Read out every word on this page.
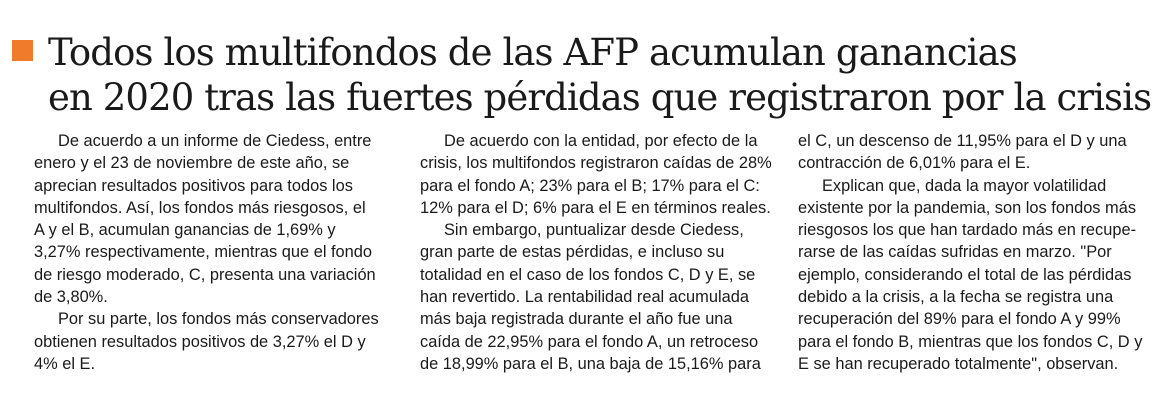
Todos los multifondos de las AFP acumulan ganancias
en 2020 tras las fuertes pérdidas que registraron por la crisis

De acuerdo a un informe de Ciedess, entre
enero y el 23 de noviembre de este año, se
aprecian resultados positivos para todos los
multifondos. Así, los fondos más riesgosos, el
A y el B, acumulan ganancias de 1,69% y
3,27% respectivamente, mientras que el fondo
de riesgo moderado, C, presenta una variación
de 3,80%.

Por su parte, los fondos más conservadores
obtienen resultados positivos de 3,27% el D y
4% el E.

De acuerdo con la entidad, por efecto de la
crisis, los multifondos registraron caídas de 28%
para el fondo A; 23% para el B; 17% para el C:
12% para el D; 6% para el E en términos reales.

Sin embargo, puntualizar desde Ciedess,
gran parte de estas pérdidas, e incluso su
totalidad en el caso de los fondos C, D y E, se
han revertido. La rentabilidad real acumulada
más baja registrada durante el año fue una
caída de 22,95% para el fondo A, un retroceso
de 18,99% para el B, una baja de 15,16% para

el C, un descenso de 11,95% para el D y una
contracción de 6,01% para el E.

Explican que, dada la mayor volatilidad
existente por la pandemia, son los fondos más
riesgosos los que han tardado más en recupe-
rarse de las caídas sufridas en marzo. "Por
ejemplo, considerando el total de las pérdidas
debido a la crisis, a la fecha se registra una
recuperación del 89% para el fondo A y 99%
para el fondo B, mientras que los fondos C, D y
E se han recuperado totalmente", observan.
